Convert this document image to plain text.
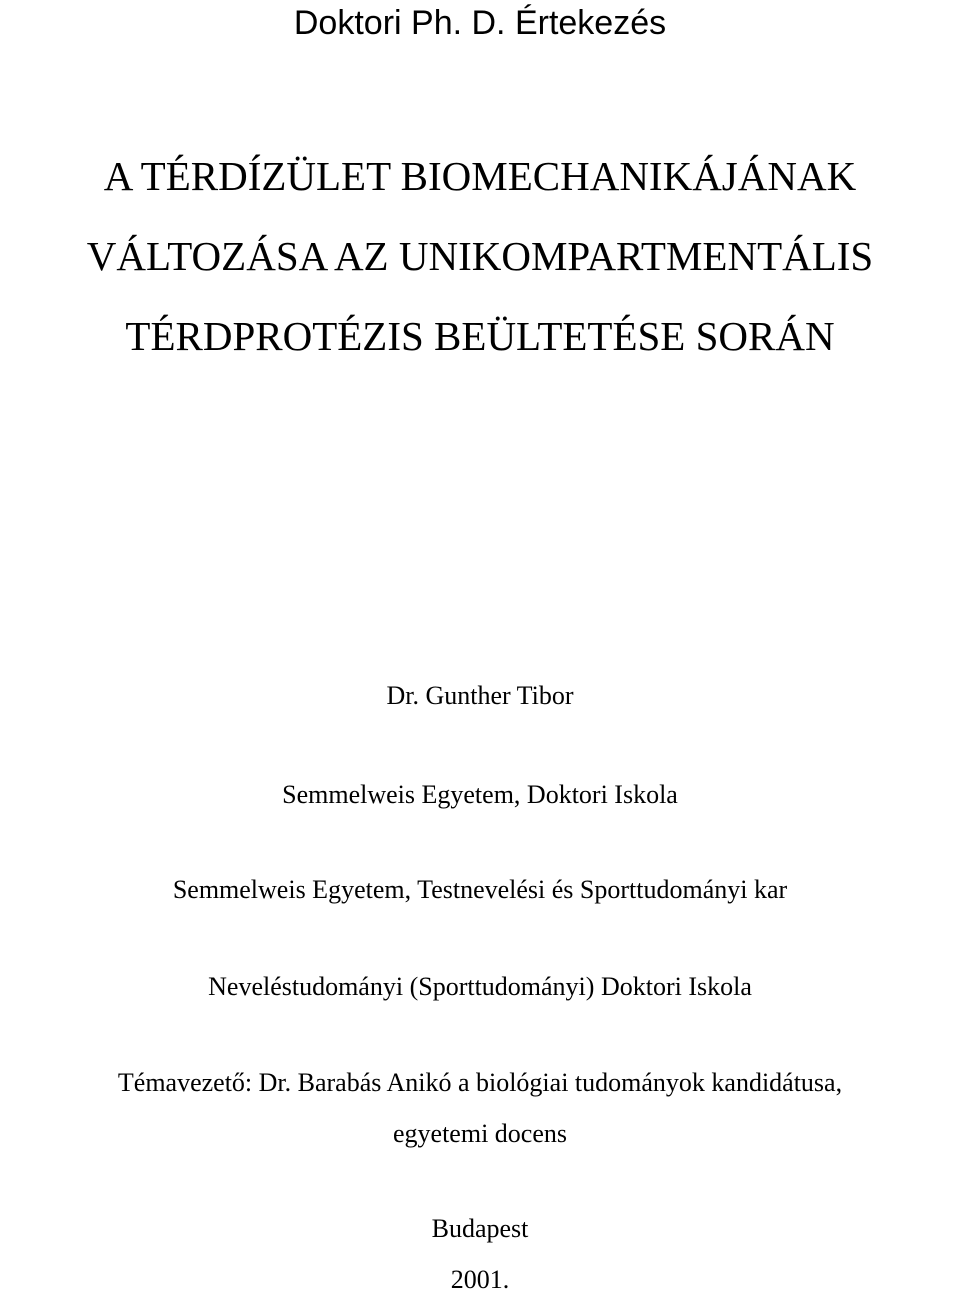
Doktori Ph. D. Értekezés
A TÉRDÍZÜLET BIOMECHANIKÁJÁNAK
VÁLTOZÁSA AZ UNIKOMPARTMENTÁLIS
TÉRDPROTÉZIS BEÜLTETÉSE SORÁN
Dr. Gunther Tibor
Semmelweis Egyetem, Doktori Iskola
Semmelweis Egyetem, Testnevelési és Sporttudományi kar
Neveléstudományi (Sporttudományi) Doktori Iskola
Témavezető: Dr. Barabás Anikó a biológiai tudományok kandidátusa,
egyetemi docens
Budapest
2001.
